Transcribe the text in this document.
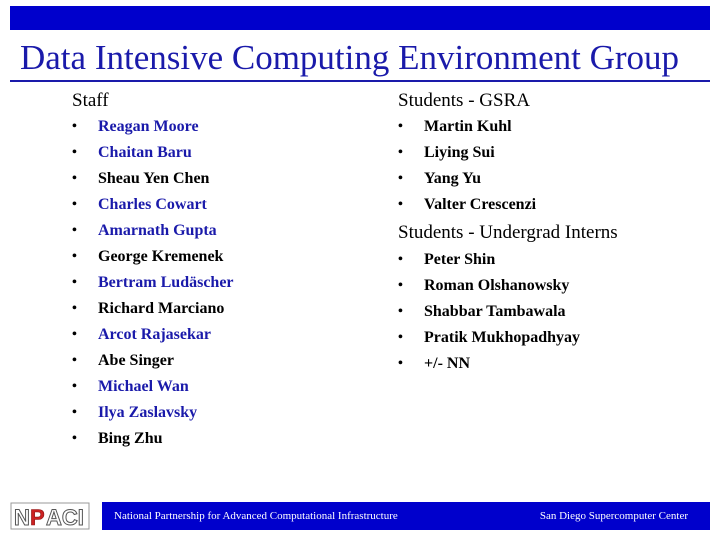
Data Intensive Computing Environment Group
Staff
• Reagan Moore
• Chaitan Baru
• Sheau Yen Chen
• Charles Cowart
• Amarnath Gupta
• George Kremenek
• Bertram Ludäscher
• Richard Marciano
• Arcot Rajasekar
• Abe Singer
• Michael Wan
• Ilya Zaslavsky
• Bing Zhu
Students - GSRA
• Martin Kuhl
• Liying Sui
• Yang Yu
• Valter Crescenzi
Students - Undergrad Interns
• Peter Shin
• Roman Olshanowsky
• Shabbar Tambawala
• Pratik Mukhopadhyay
• +/- NN
N P ACI	National Partnership for Advanced Computational Infrastructure	San Diego Supercomputer Center
